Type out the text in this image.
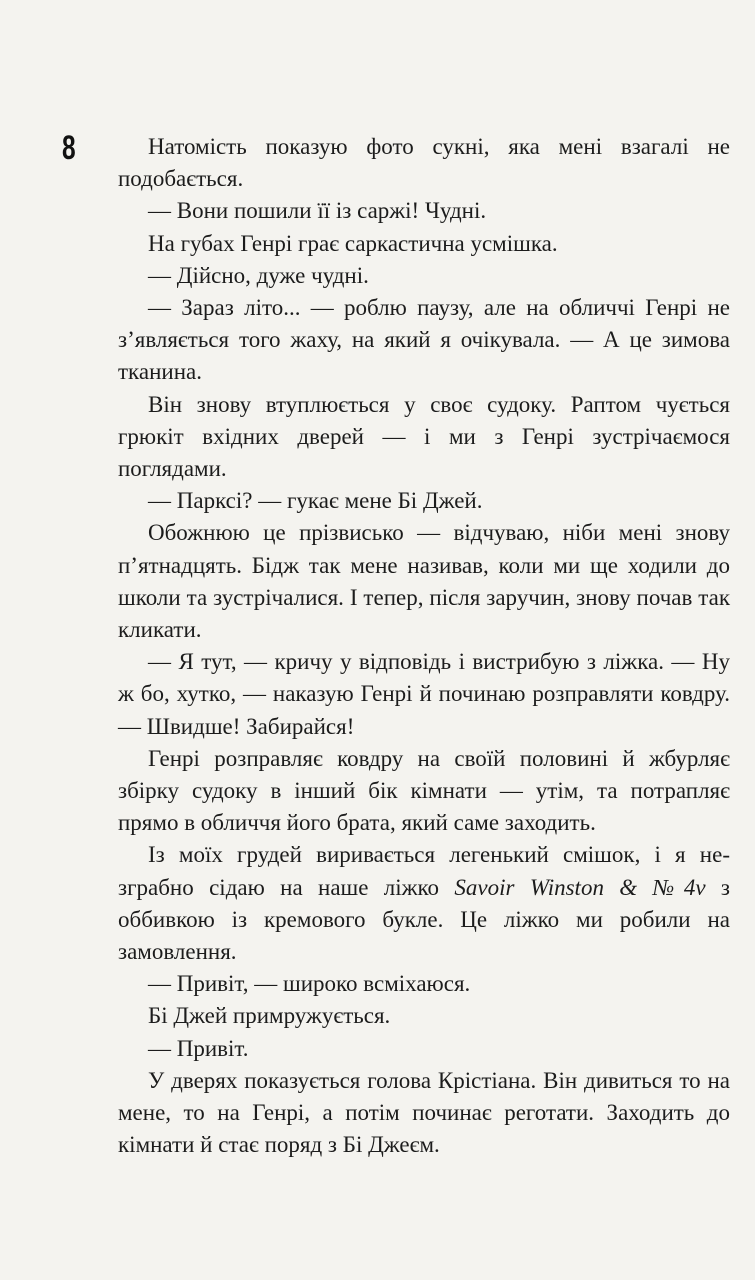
8	Натомість показую фото сукні, яка мені взагалі не подобається.

— Вони пошили її із саржі! Чудні.

На губах Генрі грає саркастична усмішка.

— Дійсно, дуже чудні.

— Зараз літо... — роблю паузу, але на обличчі Генрі не з’являється того жаху, на який я очікувала. — А це зимова тканина.

Він знову втуплюється у своє судоку. Раптом чується грюкіт вхідних дверей — і ми з Генрі зустрічаємося поглядами.

— Парксі? — гукає мене Бі Джей.

Обожнюю це прізвисько — відчуваю, ніби мені знову п’ятнадцять. Бідж так мене називав, коли ми ще ходили до школи та зустрічалися. І тепер, після заручин, знову почав так кликати.

— Я тут, — кричу у відповідь і вистрибую з ліжка. — Ну ж бо, хутко, — наказую Генрі й починаю розправляти ковдру. — Швидше! Забирайся!

Генрі розправляє ковдру на своїй половині й жбурляє збірку судоку в інший бік кімнати — утім, та потрапляє прямо в обличчя його брата, який саме заходить.

Із моїх грудей виривається легенький смішок, і я незграбно сідаю на наше ліжко Savoir Winston & №4v з оббивкою із кремового букле. Це ліжко ми робили на замовлення.

— Привіт, — широко всміхаюся.

Бі Джей примружується.

— Привіт.

У дверях показується голова Крістіана. Він дивиться то на мене, то на Генрі, а потім починає реготати. Заходить до кімнати й стає поряд з Бі Джеєм.
